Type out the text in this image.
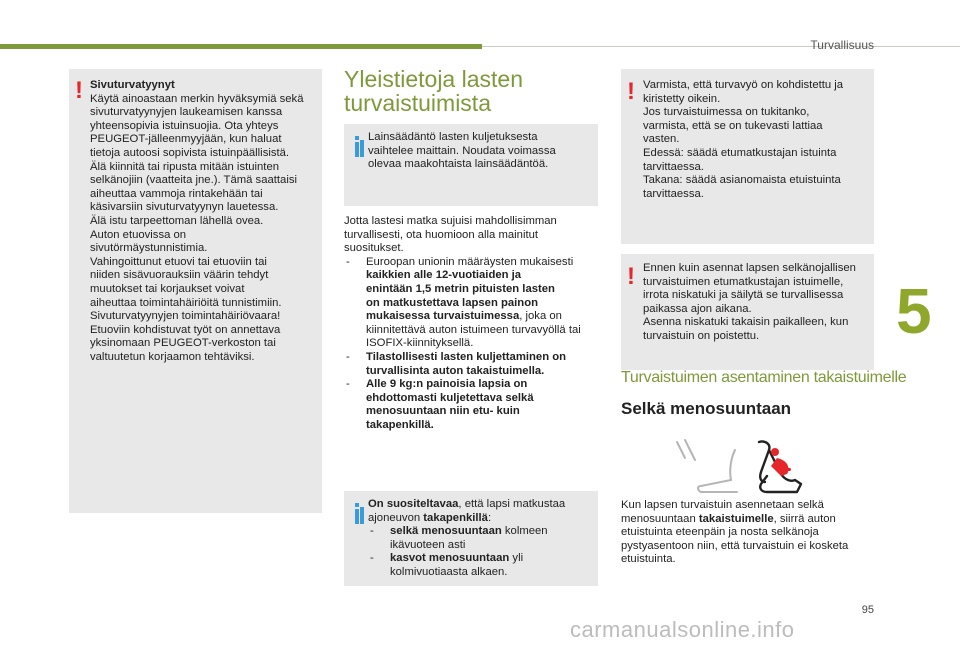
Turvallisuus
5
! Sivuturvatyynyt

Käytä ainoastaan merkin hyväksymiä sekä

sivuturvatyynyjen laukeamisen kanssa

yhteensopivia istuinsuojia. Ota yhteys

PEUGEOT-jälleenmyyjään, kun haluat

tietoja autoosi sopivista istuinpäällisistä.

Älä kiinnitä tai ripusta mitään istuinten

selkänojiin (vaatteita jne.). Tämä saattaisi

aiheuttaa vammoja rintakehään tai

käsivarsiin sivuturvatyynyn lauetessa.

Älä istu tarpeettoman lähellä ovea.

Auton etuovissa on

sivutörmäystunnistimia.

Vahingoittunut etuovi tai etuoviin tai

niiden sisävuorauksiin väärin tehdyt

muutokset tai korjaukset voivat

aiheuttaa toimintahäiriöitä tunnistimiin.

Sivuturvatyynyjen toimintahäiriövaara!

Etuoviin kohdistuvat työt on annettava

yksinomaan PEUGEOT-verkoston tai

valtuutetun korjaamon tehtäviksi.

Yleistietoja lasten
turvaistuimista

Lainsäädäntö lasten kuljetuksesta

vaihtelee maittain. Noudata voimassa

olevaa maakohtaista lainsäädäntöä.

Jotta lastesi matka sujuisi mahdollisimman

turvallisesti, ota huomioon alla mainitut

suositukset.

- Euroopan unionin määräysten mukaisesti

kaikkien alle 12-vuotiaiden ja

enintään 1,5 metrin pituisten lasten

on matkustettava lapsen painon

mukaisessa turvaistuimessa, joka on

kiinnitettävä auton istuimeen turvavyöllä tai

ISOFIX-kiinnityksellä.

- Tilastollisesti lasten kuljettaminen on

turvallisinta auton takaistuimella.

- Alle 9 kg:n painoisia lapsia on

ehdottomasti kuljetettava selkä

menosuuntaan niin etu- kuin

takapenkillä.

On suositeltavaa, että lapsi matkustaa

ajoneuvon takapenkillä:

- selkä menosuuntaan kolmeen

ikävuoteen asti

- kasvot menosuuntaan yli

kolmivuotiaasta alkaen.

! Varmista, että turvavyö on kohdistettu ja

kiristetty oikein.

Jos turvaistuimessa on tukitanko,

varmista, että se on tukevasti lattiaa

vasten.

Edessä: säädä etumatkustajan istuinta

tarvittaessa.

Takana: säädä asianomaista etuistuinta

tarvittaessa.

! Ennen kuin asennat lapsen selkänojallisen

turvaistuimen etumatkustajan istuimelle,

irrota niskatuki ja säilytä se turvallisessa

paikassa ajon aikana.

Asenna niskatuki takaisin paikalleen, kun

turvaistuin on poistettu.

Turvaistuimen asentaminen takaistuimelle
Selkä menosuuntaan

Kun lapsen turvaistuin asennetaan selkä

menosuuntaan takaistuimelle, siirrä auton

etuistuinta eteenpäin ja nosta selkänoja

pystyasentoon niin, että turvaistuin ei kosketa

etuistuinta.

95
carmanualsonline.info
